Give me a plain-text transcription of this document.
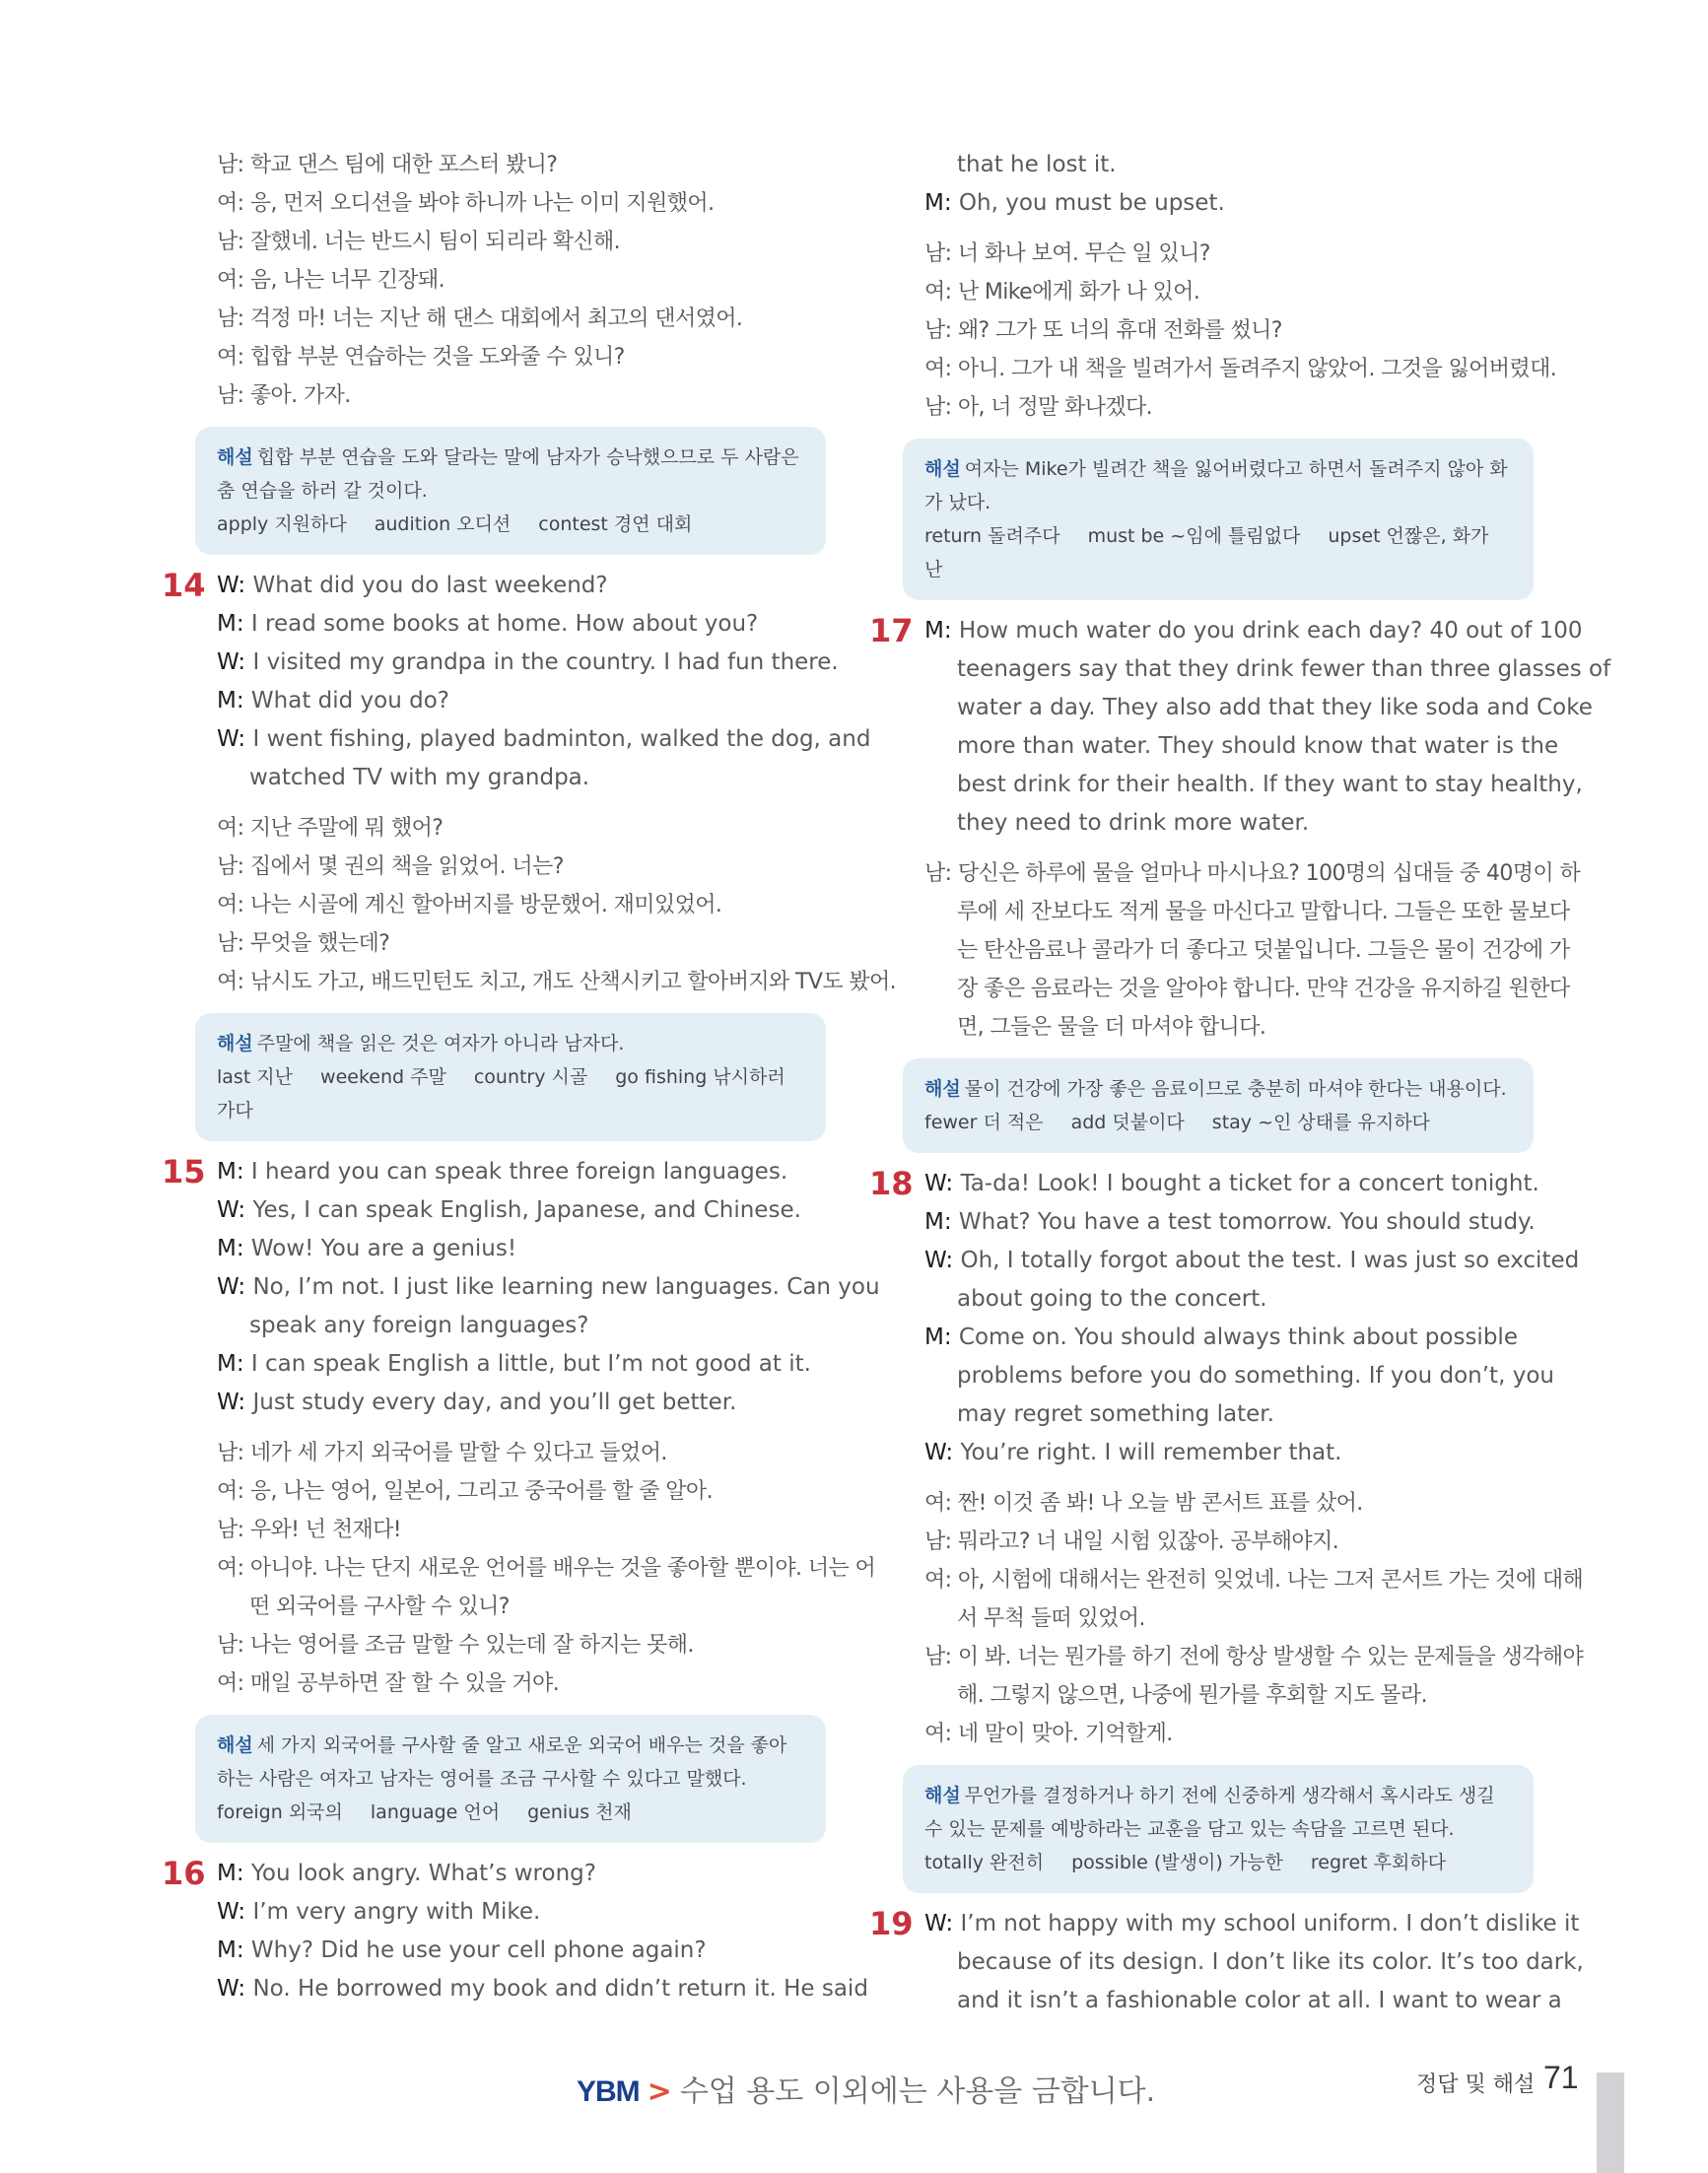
남: 학교 댄스 팀에 대한 포스터 봤니?
여: 응, 먼저 오디션을 봐야 하니까 나는 이미 지원했어.
남: 잘했네. 너는 반드시 팀이 되리라 확신해.
여: 음, 나는 너무 긴장돼.
남: 걱정 마! 너는 지난 해 댄스 대회에서 최고의 댄서였어.
여: 힙합 부분 연습하는 것을 도와줄 수 있니?
남: 좋아. 가자.
해설 힙합 부분 연습을 도와 달라는 말에 남자가 승낙했으므로 두 사람은 춤 연습을 하러 갈 것이다.
apply 지원하다 audition 오디션 contest 경연 대회
14 W: What did you do last weekend?
M: I read some books at home. How about you?
W: I visited my grandpa in the country. I had fun there.
M: What did you do?
W: I went fishing, played badminton, walked the dog, and
watched TV with my grandpa.
여: 지난 주말에 뭐 했어?
남: 집에서 몇 권의 책을 읽었어. 너는?
여: 나는 시골에 계신 할아버지를 방문했어. 재미있었어.
남: 무엇을 했는데?
여: 낚시도 가고, 배드민턴도 치고, 개도 산책시키고 할아버지와 TV도 봤어.
해설 주말에 책을 읽은 것은 여자가 아니라 남자다.
last 지난 weekend 주말 country 시골 go fishing 낚시하러 가다
15 M: I heard you can speak three foreign languages.
W: Yes, I can speak English, Japanese, and Chinese.
M: Wow! You are a genius!
W: No, I’m not. I just like learning new languages. Can you
speak any foreign languages?
M: I can speak English a little, but I’m not good at it.
W: Just study every day, and you’ll get better.
남: 네가 세 가지 외국어를 말할 수 있다고 들었어.
여: 응, 나는 영어, 일본어, 그리고 중국어를 할 줄 알아.
남: 우와! 넌 천재다!
여: 아니야. 나는 단지 새로운 언어를 배우는 것을 좋아할 뿐이야. 너는 어
떤 외국어를 구사할 수 있니?
남: 나는 영어를 조금 말할 수 있는데 잘 하지는 못해.
여: 매일 공부하면 잘 할 수 있을 거야.
해설 세 가지 외국어를 구사할 줄 알고 새로운 외국어 배우는 것을 좋아하는 사람은 여자고 남자는 영어를 조금 구사할 수 있다고 말했다.
foreign 외국의 language 언어 genius 천재
16 M: You look angry. What’s wrong?
W: I’m very angry with Mike.
M: Why? Did he use your cell phone again?
W: No. He borrowed my book and didn’t return it. He said
that he lost it.
M: Oh, you must be upset.
남: 너 화나 보여. 무슨 일 있니?
여: 난 Mike에게 화가 나 있어.
남: 왜? 그가 또 너의 휴대 전화를 썼니?
여: 아니. 그가 내 책을 빌려가서 돌려주지 않았어. 그것을 잃어버렸대.
남: 아, 너 정말 화나겠다.
해설 여자는 Mike가 빌려간 책을 잃어버렸다고 하면서 돌려주지 않아 화가 났다.
return 돌려주다 must be ~임에 틀림없다 upset 언짢은, 화가 난
17 M: How much water do you drink each day? 40 out of 100
teenagers say that they drink fewer than three glasses of
water a day. They also add that they like soda and Coke
more than water. They should know that water is the
best drink for their health. If they want to stay healthy,
they need to drink more water.
남: 당신은 하루에 물을 얼마나 마시나요? 100명의 십대들 중 40명이 하
루에 세 잔보다도 적게 물을 마신다고 말합니다. 그들은 또한 물보다
는 탄산음료나 콜라가 더 좋다고 덧붙입니다. 그들은 물이 건강에 가
장 좋은 음료라는 것을 알아야 합니다. 만약 건강을 유지하길 원한다
면, 그들은 물을 더 마셔야 합니다.
해설 물이 건강에 가장 좋은 음료이므로 충분히 마셔야 한다는 내용이다.
fewer 더 적은 add 덧붙이다 stay ~인 상태를 유지하다
18 W: Ta-da! Look! I bought a ticket for a concert tonight.
M: What? You have a test tomorrow. You should study.
W: Oh, I totally forgot about the test. I was just so excited
about going to the concert.
M: Come on. You should always think about possible
problems before you do something. If you don’t, you
may regret something later.
W: You’re right. I will remember that.
여: 짠! 이것 좀 봐! 나 오늘 밤 콘서트 표를 샀어.
남: 뭐라고? 너 내일 시험 있잖아. 공부해야지.
여: 아, 시험에 대해서는 완전히 잊었네. 나는 그저 콘서트 가는 것에 대해
서 무척 들떠 있었어.
남: 이 봐. 너는 뭔가를 하기 전에 항상 발생할 수 있는 문제들을 생각해야
해. 그렇지 않으면, 나중에 뭔가를 후회할 지도 몰라.
여: 네 말이 맞아. 기억할게.
해설 무언가를 결정하거나 하기 전에 신중하게 생각해서 혹시라도 생길 수 있는 문제를 예방하라는 교훈을 담고 있는 속담을 고르면 된다.
totally 완전히 possible (발생이) 가능한 regret 후회하다
19 W: I’m not happy with my school uniform. I don’t dislike it
because of its design. I don’t like its color. It’s too dark,
and it isn’t a fashionable color at all. I want to wear a
YBM > 수업 용도 이외에는 사용을 금합니다.	정답 및 해설 71
